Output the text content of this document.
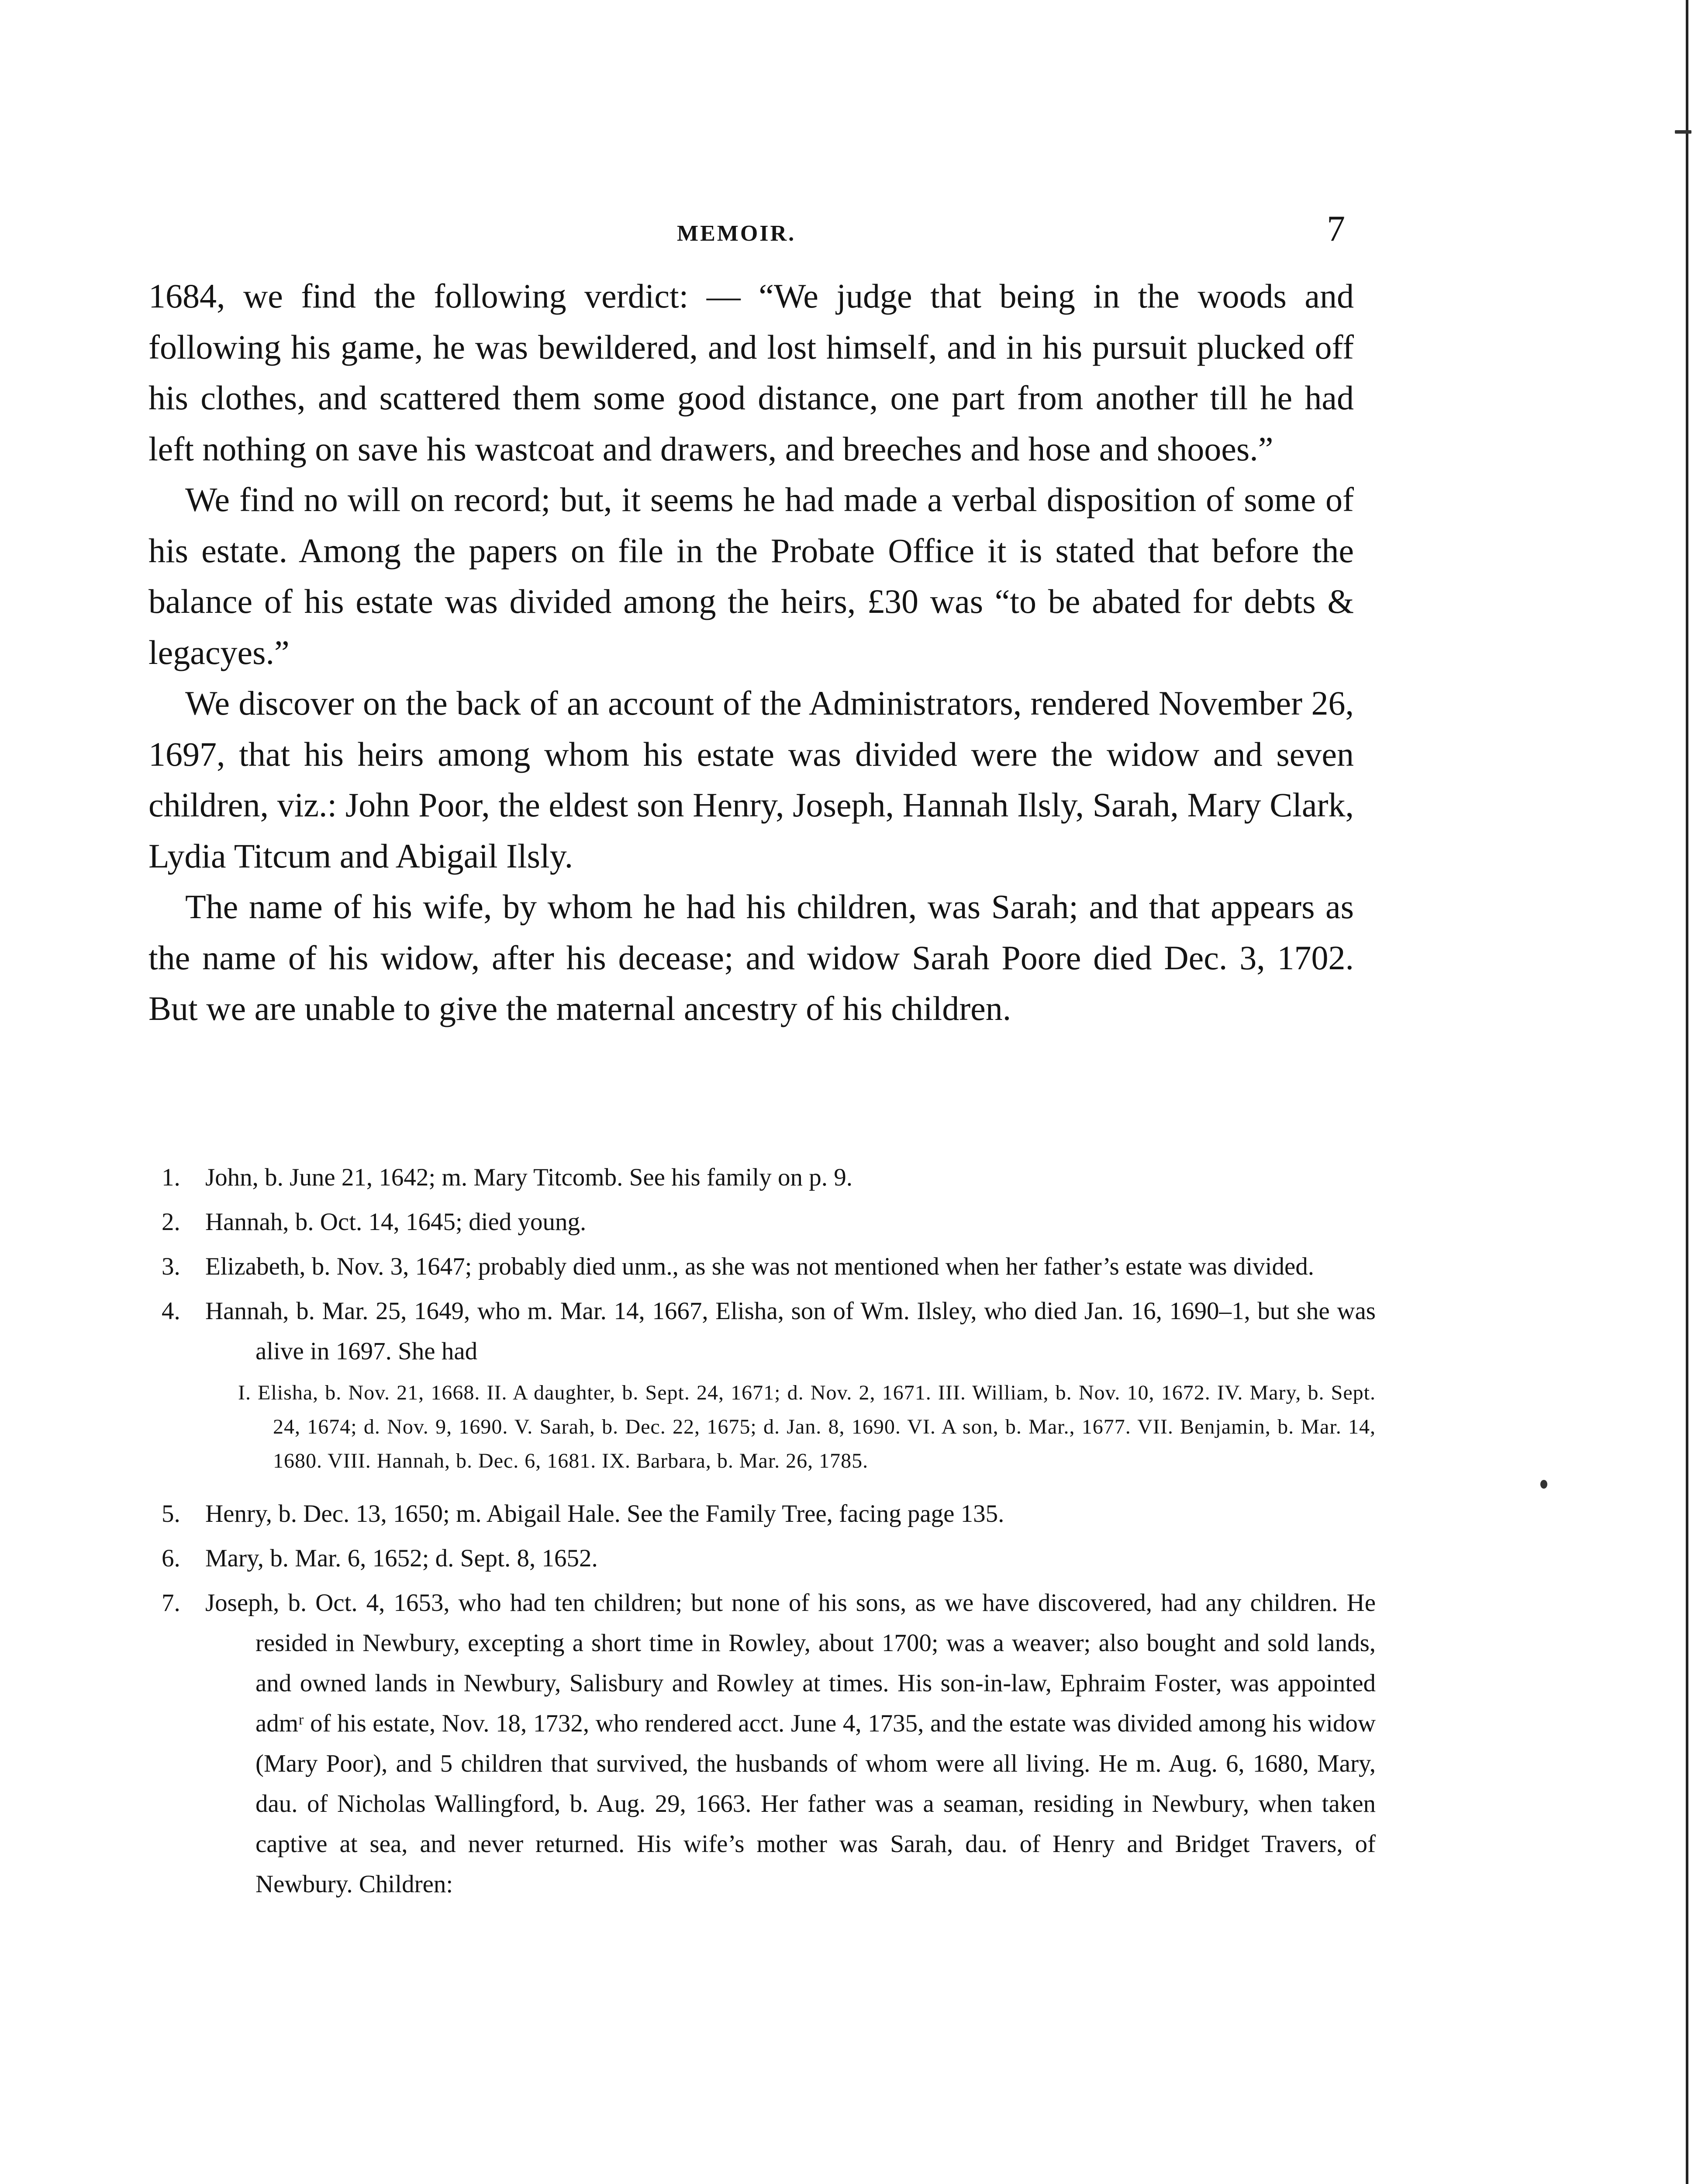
MEMOIR.	7

1684, we find the following verdict: — “We judge that being in the woods and following his game, he was bewildered, and lost himself, and in his pursuit plucked off his clothes, and scattered them some good distance, one part from another till he had left nothing on save his wastcoat and drawers, and breeches and hose and shooes.”

We find no will on record; but, it seems he had made a verbal disposition of some of his estate. Among the papers on file in the Probate Office it is stated that before the balance of his estate was divided among the heirs, £30 was “to be abated for debts & legacyes.”

We discover on the back of an account of the Administrators, rendered November 26, 1697, that his heirs among whom his estate was divided were the widow and seven children, viz.: John Poor, the eldest son Henry, Joseph, Hannah Ilsly, Sarah, Mary Clark, Lydia Titcum and Abigail Ilsly.

The name of his wife, by whom he had his children, was Sarah; and that appears as the name of his widow, after his decease; and widow Sarah Poore died Dec. 3, 1702. But we are unable to give the maternal ancestry of his children.

1. John, b. June 21, 1642; m. Mary Titcomb. See his family on p. 9.
2. Hannah, b. Oct. 14, 1645; died young.
3. Elizabeth, b. Nov. 3, 1647; probably died unm., as she was not mentioned when her father’s estate was divided.
4. Hannah, b. Mar. 25, 1649, who m. Mar. 14, 1667, Elisha, son of Wm. Ilsley, who died Jan. 16, 1690–1, but she was alive in 1697. She had
I. Elisha, b. Nov. 21, 1668. II. A daughter, b. Sept. 24, 1671; d. Nov. 2, 1671. III. William, b. Nov. 10, 1672. IV. Mary, b. Sept. 24, 1674; d. Nov. 9, 1690. V. Sarah, b. Dec. 22, 1675; d. Jan. 8, 1690. VI. A son, b. Mar., 1677. VII. Benjamin, b. Mar. 14, 1680. VIII. Hannah, b. Dec. 6, 1681. IX. Barbara, b. Mar. 26, 1785.
5. Henry, b. Dec. 13, 1650; m. Abigail Hale. See the Family Tree, facing page 135.
6. Mary, b. Mar. 6, 1652; d. Sept. 8, 1652.
7. Joseph, b. Oct. 4, 1653, who had ten children; but none of his sons, as we have discovered, had any children. He resided in Newbury, excepting a short time in Rowley, about 1700; was a weaver; also bought and sold lands, and owned lands in Newbury, Salisbury and Rowley at times. His son-in-law, Ephraim Foster, was appointed admʳ of his estate, Nov. 18, 1732, who rendered acct. June 4, 1735, and the estate was divided among his widow (Mary Poor), and 5 children that survived, the husbands of whom were all living. He m. Aug. 6, 1680, Mary, dau. of Nicholas Wallingford, b. Aug. 29, 1663. Her father was a seaman, residing in Newbury, when taken captive at sea, and never returned. His wife’s mother was Sarah, dau. of Henry and Bridget Travers, of Newbury. Children:
